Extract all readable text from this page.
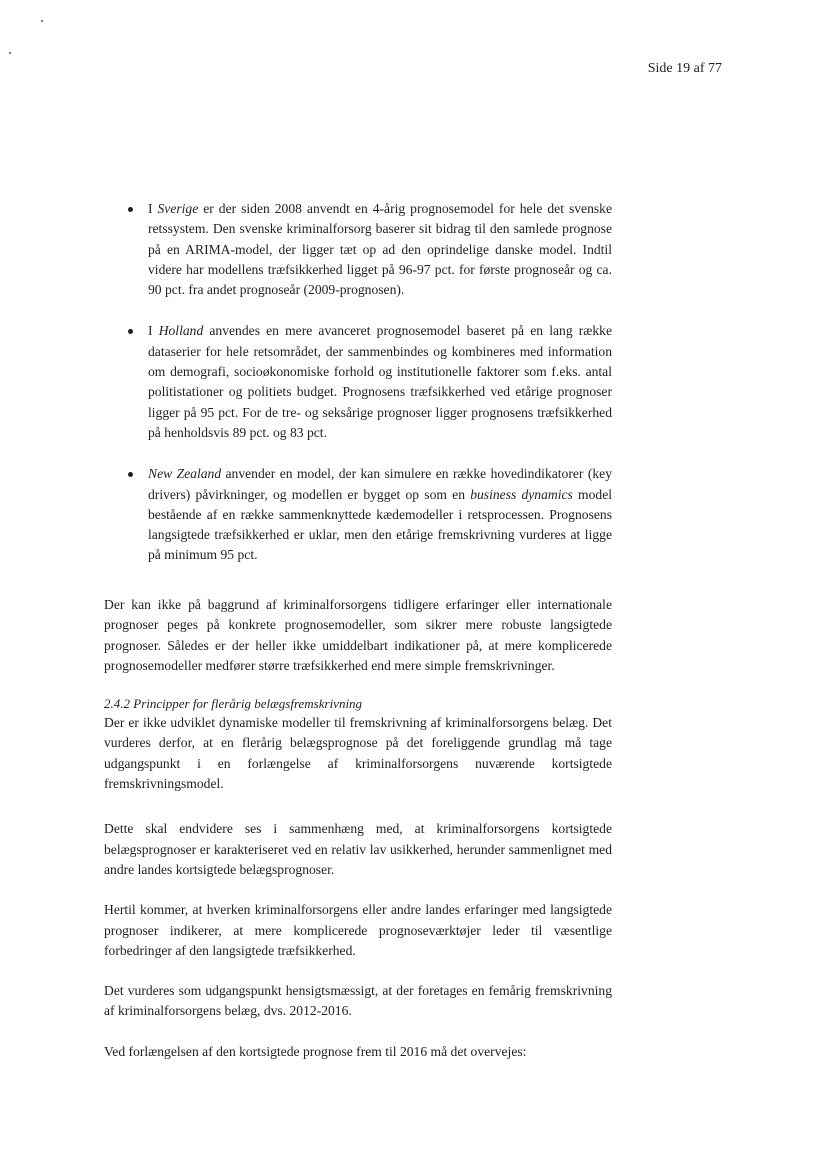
Side 19 af 77
I Sverige er der siden 2008 anvendt en 4-årig prognosemodel for hele det svenske retssystem. Den svenske kriminalforsorg baserer sit bidrag til den samlede prognose på en ARIMA-model, der ligger tæt op ad den oprindelige danske model. Indtil videre har modellens træfsikkerhed ligget på 96-97 pct. for første prognoseår og ca. 90 pct. fra andet prognoseår (2009-prognosen).
I Holland anvendes en mere avanceret prognosemodel baseret på en lang række dataserier for hele retsområdet, der sammenbindes og kombineres med information om demografi, socioøkonomiske forhold og institutionelle faktorer som f.eks. antal politistationer og politiets budget. Prognosens træfsikkerhed ved etårige prognoser ligger på 95 pct. For de tre- og seksårige prognoser ligger prognosens træfsikkerhed på henholdsvis 89 pct. og 83 pct.
New Zealand anvender en model, der kan simulere en række hovedindikatorer (key drivers) påvirkninger, og modellen er bygget op som en business dynamics model bestående af en række sammenknyttede kædemodeller i retsprocessen. Prognosens langsigtede træfsikkerhed er uklar, men den etårige fremskrivning vurderes at ligge på minimum 95 pct.

Der kan ikke på baggrund af kriminalforsorgens tidligere erfaringer eller internationale prognoser peges på konkrete prognosemodeller, som sikrer mere robuste langsigtede prognoser. Således er der heller ikke umiddelbart indikationer på, at mere komplicerede prognosemodeller medfører større træfsikkerhed end mere simple fremskrivninger.

2.4.2 Principper for flerårig belægsfremskrivning

Der er ikke udviklet dynamiske modeller til fremskrivning af kriminalforsorgens belæg. Det vurderes derfor, at en flerårig belægsprognose på det foreliggende grundlag må tage udgangspunkt i en forlængelse af kriminalforsorgens nuværende kortsigtede fremskrivningsmodel.

Dette skal endvidere ses i sammenhæng med, at kriminalforsorgens kortsigtede belægsprognoser er karakteriseret ved en relativ lav usikkerhed, herunder sammenlignet med andre landes kortsigtede belægsprognoser.

Hertil kommer, at hverken kriminalforsorgens eller andre landes erfaringer med langsigtede prognoser indikerer, at mere komplicerede prognoseværktøjer leder til væsentlige forbedringer af den langsigtede træfsikkerhed.

Det vurderes som udgangspunkt hensigtsmæssigt, at der foretages en femårig fremskrivning af kriminalforsorgens belæg, dvs. 2012-2016.

Ved forlængelsen af den kortsigtede prognose frem til 2016 må det overvejes:
